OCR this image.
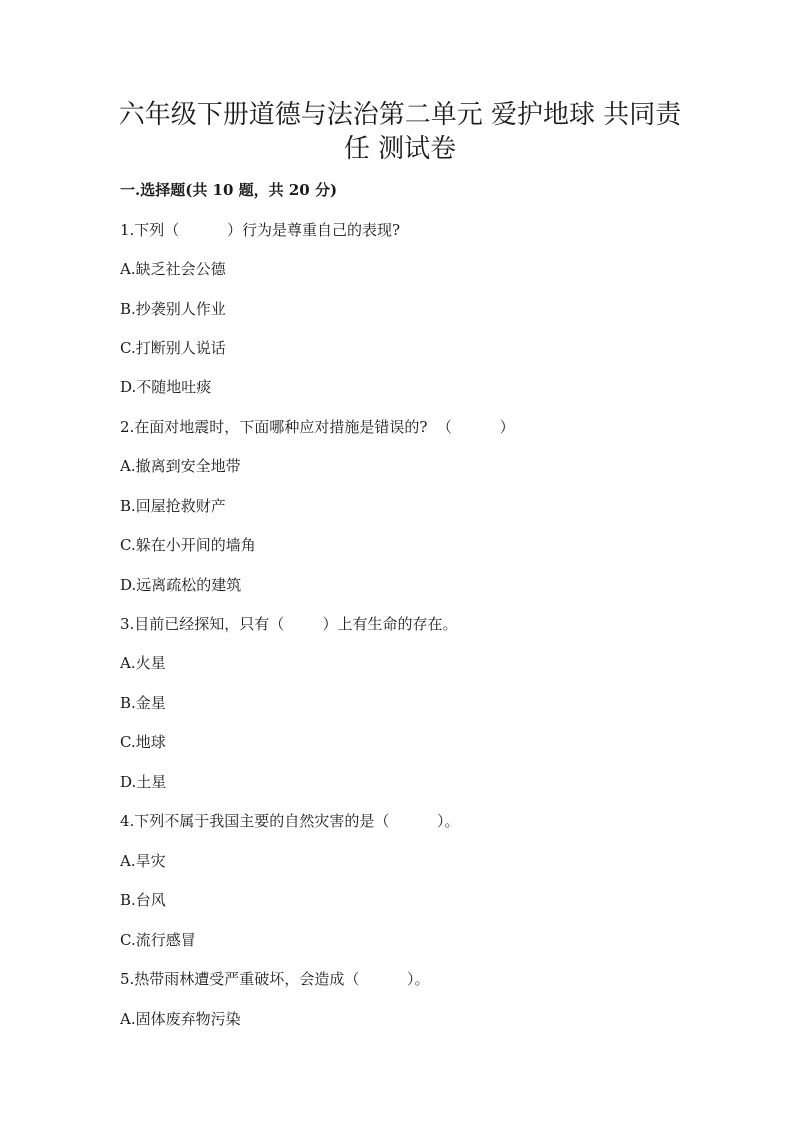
六年级下册道德与法治第二单元 爱护地球 共同责
任 测试卷
一.选择题(共 10 题，共 20 分)
1.下列（          ）行为是尊重自己的表现?
A.缺乏社会公德
B.抄袭别人作业
C.打断别人说话
D.不随地吐痰
2.在面对地震时，下面哪种应对措施是错误的?  （          ）
A.撤离到安全地带
B.回屋抢救财产
C.躲在小开间的墙角
D.远离疏松的建筑
3.目前已经探知，只有（        ）上有生命的存在。
A.火星
B.金星
C.地球
D.土星
4.下列不属于我国主要的自然灾害的是（          ）。
A.旱灾
B.台风
C.流行感冒
5.热带雨林遭受严重破坏，会造成（          ）。
A.固体废弃物污染
